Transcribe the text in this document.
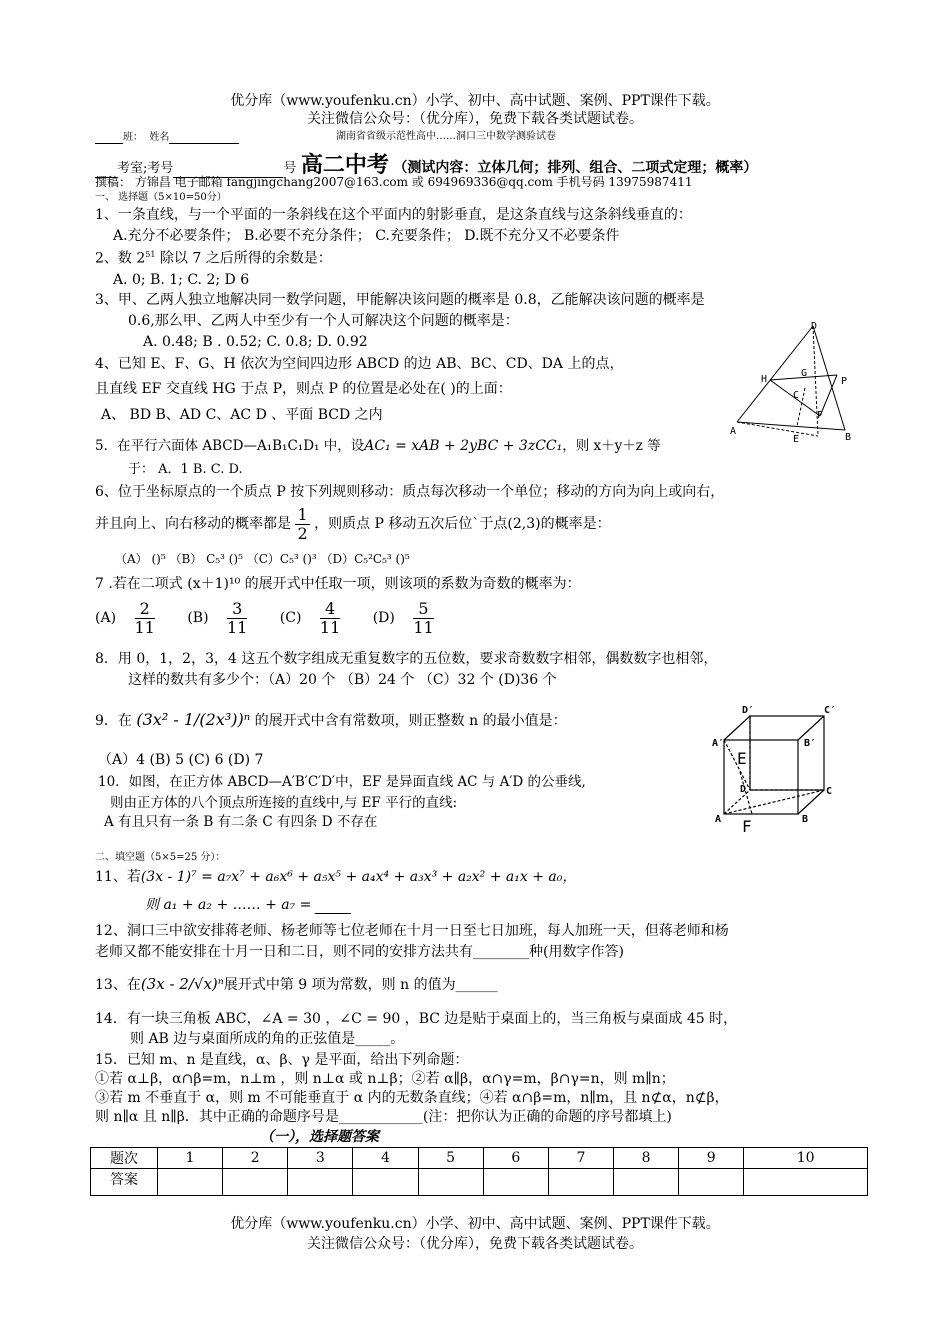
优分库（www.youfenku.cn）小学、初中、高中试题、案例、PPT课件下载。
关注微信公众号：（优分库），免费下载各类试题试卷。
班： 姓名	湖南省省级示范性高中……洞口三中数学测验试卷
考室;考号	号 高二中考 （测试内容：立体几何；排列、组合、二项式定理；概率）
撰稿： 方锦昌 电子邮箱 fangjingchang2007@163.com 或 694969336@qq.com 手机号码 13975987411
一、 选择题（5×10=50分）
1、一条直线，与一个平面的一条斜线在这个平面内的射影垂直，是这条直线与这条斜线垂直的：
A.充分不必要条件； B.必要不充分条件； C.充要条件； D.既不充分又不必要条件
2、数 $2^{51}$ 除以 7 之后所得的余数是：
A. 0; B. 1; C. 2; D 6
3、甲、乙两人独立地解决同一数学问题，甲能解决该问题的概率是 0.8，乙能解决该问题的概率是
0.6,那么甲、乙两人中至少有一个人可解决这个问题的概率是：
A. 0.48; B . 0.52; C. 0.8; D. 0.92
4、已知 E、F、G、H 依次为空间四边形 ABCD 的边 AB、BC、CD、DA 上的点，
且直线 EF 交直线 HG 于点 P，则点 P 的位置是必处在( )的上面：
A、 BD B、AD C、AC D 、平面 BCD 之内
D
H
G
P
C
F
A
E	B
5．在平行六面体 ABCD—A₁B₁C₁D₁ 中，设AC₁ = xAB + 2yBC + 3zCC₁，则 x＋y＋z 等
于： A．1 B. C. D.
6、位于坐标原点的一个质点 P 按下列规则移动：质点每次移动一个单位；移动的方向为向上或向右，
并且向上、向右移动的概率都是 $\frac{1}{2}$ ，则质点 P 移动五次后位`于点(2,3)的概率是：
（A） ()⁵ （B） C₅³ ()⁵ （C）C₅³ ()³ （D）C₅²C₅³ ()⁵
7 .若在二项式 (x＋1)¹⁰ 的展开式中任取一项，则该项的系数为奇数的概率为：
$(A) \frac{2}{11} (B) \frac{3}{11} (C) \frac{4}{11} (D) \frac{5}{11}$
8．用 0，1，2，3，4 这五个数字组成无重复数字的五位数，要求奇数数字相邻，偶数数字也相邻，
这样的数共有多少个：（A）20 个 （B）24 个 （C）32 个 (D)36 个
9．在 (3x² - 1/(2x³))ⁿ 的展开式中含有常数项，则正整数 n 的最小值是：
（A）4 (B) 5 (C) 6 (D) 7
D′	C′
A′	B′
E
D	C
A	B
F
10．如图，在正方体 ABCD—A′B′C′D′中，EF 是异面直线 AC 与 A′D 的公垂线,
则由正方体的八个顶点所连接的直线中,与 EF 平行的直线:
A 有且只有一条 B 有二条 C 有四条 D 不存在
二、填空题（5×5=25 分）：
11、若(3x - 1)⁷ = a₇x⁷ + a₆x⁶ + a₅x⁵ + a₄x⁴ + a₃x³ + a₂x² + a₁x + a₀，
则 a₁ + a₂ + …… + a₇ =
12、洞口三中欲安排蒋老师、杨老师等七位老师在十月一日至七日加班，每人加班一天，但蒋老师和杨
老师又都不能安排在十月一日和二日，则不同的安排方法共有________种(用数字作答)
13、在(3x - 2/√x)ⁿ展开式中第 9 项为常数，则 n 的值为______
14．有一块三角板 ABC，∠A = 30 ，∠C = 90 ，BC 边是贴于桌面上的，当三角板与桌面成 45 时，
则 AB 边与桌面所成的角的正弦值是_____。
15．已知 m、n 是直线，α、β、γ 是平面，给出下列命题：
①若 α⊥β，α∩β=m，n⊥m ，则 n⊥α 或 n⊥β；②若 α∥β，α∩γ=m，β∩γ=n，则 m∥n；
③若 m 不垂直于 α，则 m 不可能垂直于 α 内的无数条直线；④若 α∩β=m，n∥m，且 n⊄α，n⊄β，
则 n∥α 且 n∥β．其中正确的命题序号是____________(注：把你认为正确的命题的序号都填上)
（一），选择题答案
题次	1	2	3	4	5	6	7	8	9	10
答案										
优分库（www.youfenku.cn）小学、初中、高中试题、案例、PPT课件下载。
关注微信公众号：（优分库），免费下载各类试题试卷。
